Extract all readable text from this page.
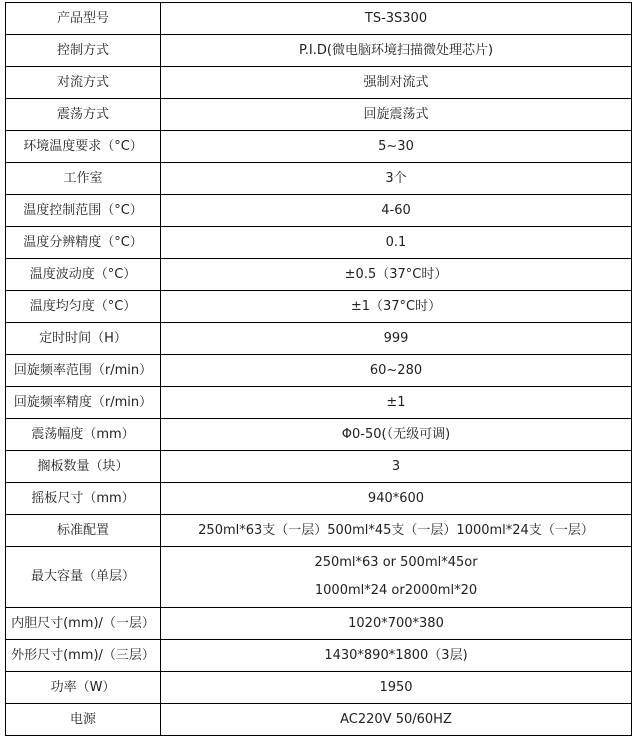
产品型号	TS-3S300
控制方式	P.I.D(微电脑环境扫描微处理芯片)
对流方式	强制对流式
震荡方式	回旋震荡式
环境温度要求（°C）	5~30
工作室	3个
温度控制范围（°C）	4-60
温度分辨精度（°C）	0.1
温度波动度（°C）	±0.5（37°C时）
温度均匀度（°C）	±1（37°C时）
定时时间（H）	999
回旋频率范围（r/min）	60~280
回旋频率精度（r/min）	±1
震荡幅度（mm）	Φ0-50(（无级可调)
搁板数量（块）	3
摇板尺寸（mm）	940*600
标准配置	250ml*63支（一层）500ml*45支（一层）1000ml*24支（一层）
最大容量（单层）	250ml*63 or 500ml*45or
1000ml*24 or2000ml*20

内胆尺寸(mm)/（一层）	1020*700*380
外形尺寸(mm)/（三层）	1430*890*1800（3层)
功率（W）	1950
电源	AC220V 50/60HZ
